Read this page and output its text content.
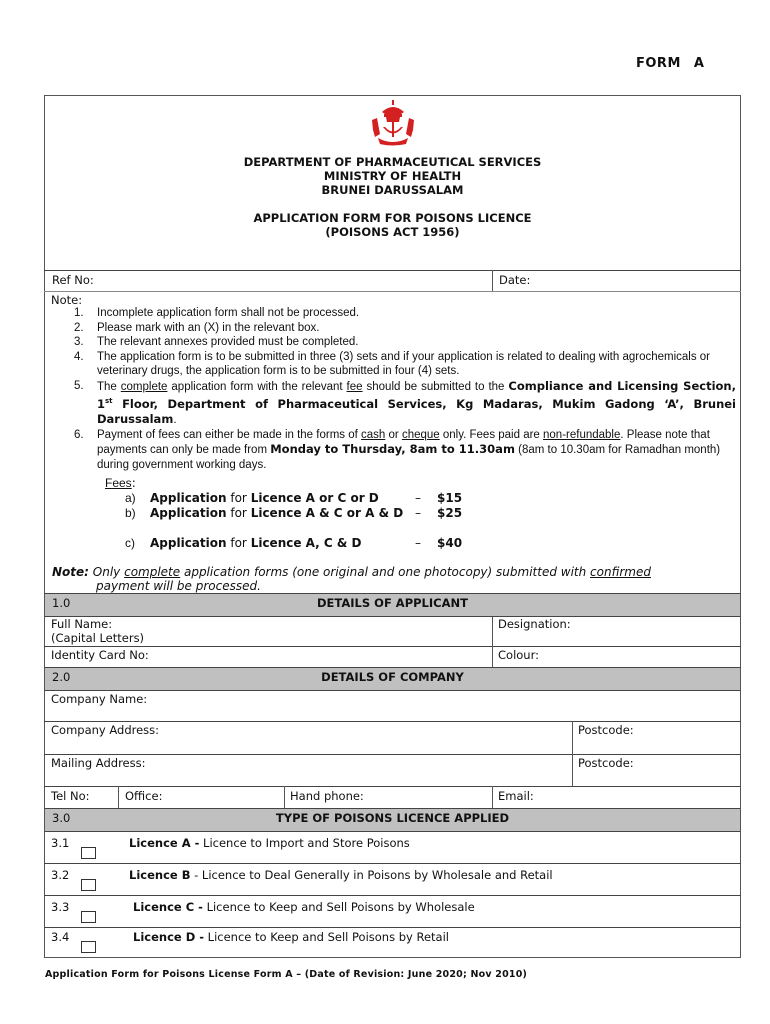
FORM A
DEPARTMENT OF PHARMACEUTICAL SERVICES
MINISTRY OF HEALTH
BRUNEI DARUSSALAM
APPLICATION FORM FOR POISONS LICENCE
(POISONS ACT 1956)
Ref No:	Date:
Note:
1. Incomplete application form shall not be processed.
2. Please mark with an (X) in the relevant box.
3. The relevant annexes provided must be completed.
4. The application form is to be submitted in three (3) sets and if your application is related to dealing with agrochemicals or veterinary drugs, the application form is to be submitted in four (4) sets.
5. The complete application form with the relevant fee should be submitted to the Compliance and Licensing Section, 1st Floor, Department of Pharmaceutical Services, Kg Madaras, Mukim Gadong ‘A’, Brunei Darussalam.
6. Payment of fees can either be made in the forms of cash or cheque only. Fees paid are non-refundable. Please note that payments can only be made from Monday to Thursday, 8am to 11.30am (8am to 10.30am for Ramadhan month) during government working days.
Fees:
a) Application for Licence A or C or D	– $15
b) Application for Licence A & C or A & D – $25
c) Application for Licence A, C & D	– $40
Note: Only complete application forms (one original and one photocopy) submitted with confirmed
payment will be processed.
1.0	DETAILS OF APPLICANT
Full Name:
(Capital Letters)
Designation:
Identity Card No:	Colour:
2.0	DETAILS OF COMPANY
Company Name:
Company Address:	Postcode:
Mailing Address:	Postcode:
Tel No:	Office:	Hand phone:	Email:
3.0	TYPE OF POISONS LICENCE APPLIED
3.1	Licence A - Licence to Import and Store Poisons
3.2	Licence B - Licence to Deal Generally in Poisons by Wholesale and Retail
3.3	Licence C - Licence to Keep and Sell Poisons by Wholesale
3.4	Licence D - Licence to Keep and Sell Poisons by Retail
Application Form for Poisons License Form A – (Date of Revision: June 2020; Nov 2010)
